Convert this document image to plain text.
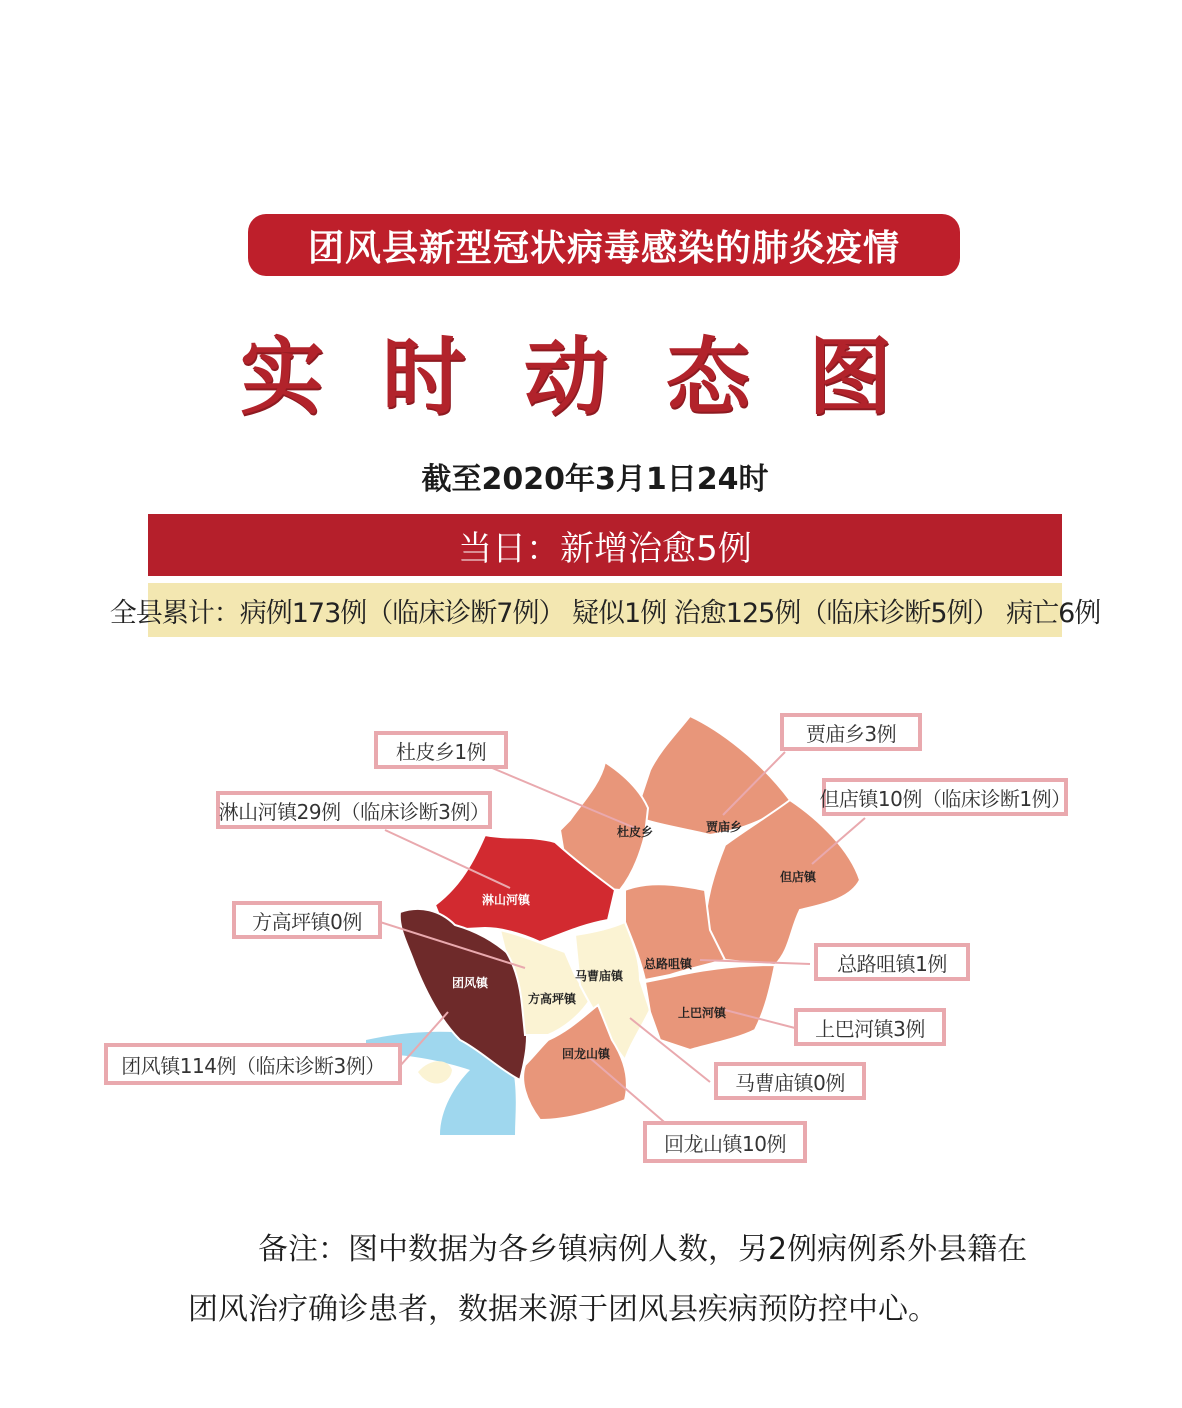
团风县新型冠状病毒感染的肺炎疫情
实时动态图
截至2020年3月1日24时
当日：新增治愈5例
全县累计：病例173例（临床诊断7例） 疑似1例 治愈125例（临床诊断5例） 病亡6例
杜皮乡	贾庙乡
但店镇
淋山河镇
方高坪镇
团风镇
总路咀镇
上巴河镇
马曹庙镇
回龙山镇
杜皮乡1例
贾庙乡3例
但店镇10例（临床诊断1例）
淋山河镇29例（临床诊断3例）
方高坪镇0例
团风镇114例（临床诊断3例）
总路咀镇1例
上巴河镇3例
马曹庙镇0例
回龙山镇10例
备注：图中数据为各乡镇病例人数，另2例病例系外县籍在团风治疗确诊患者，数据来源于团风县疾病预防控中心。
